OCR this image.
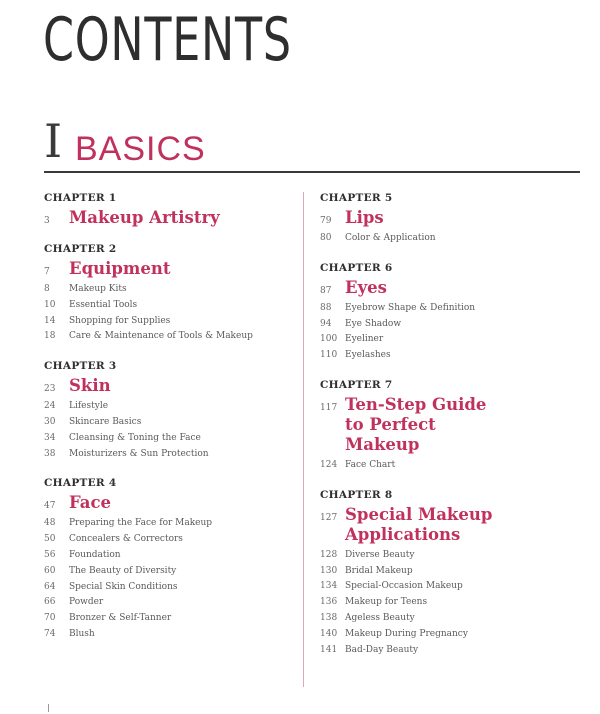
CONTENTS
I BASICS
CHAPTER 1
3	Makeup Artistry
CHAPTER 2
7	Equipment
8	Makeup Kits
10	Essential Tools
14	Shopping for Supplies
18	Care & Maintenance of Tools & Makeup
CHAPTER 3
23 Skin
24	Lifestyle
30	Skincare Basics
34	Cleansing & Toning the Face
38	Moisturizers & Sun Protection
CHAPTER 4
47 Face
48	Preparing the Face for Makeup
50	Concealers & Correctors
56	Foundation
60	The Beauty of Diversity
64	Special Skin Conditions
66	Powder
70	Bronzer & Self-Tanner
74	Blush
CHAPTER 5
79 Lips
80	Color & Application
CHAPTER 6
87 Eyes
88	Eyebrow Shape & Definition
94	Eye Shadow
100 Eyeliner
110 Eyelashes
CHAPTER 7
117 Ten-Step Guide to Perfect Makeup
124 Face Chart
CHAPTER 8
127 Special Makeup Applications
128 Diverse Beauty
130 Bridal Makeup
134 Special-Occasion Makeup
136 Makeup for Teens
138 Ageless Beauty
140 Makeup During Pregnancy
141 Bad-Day Beauty
